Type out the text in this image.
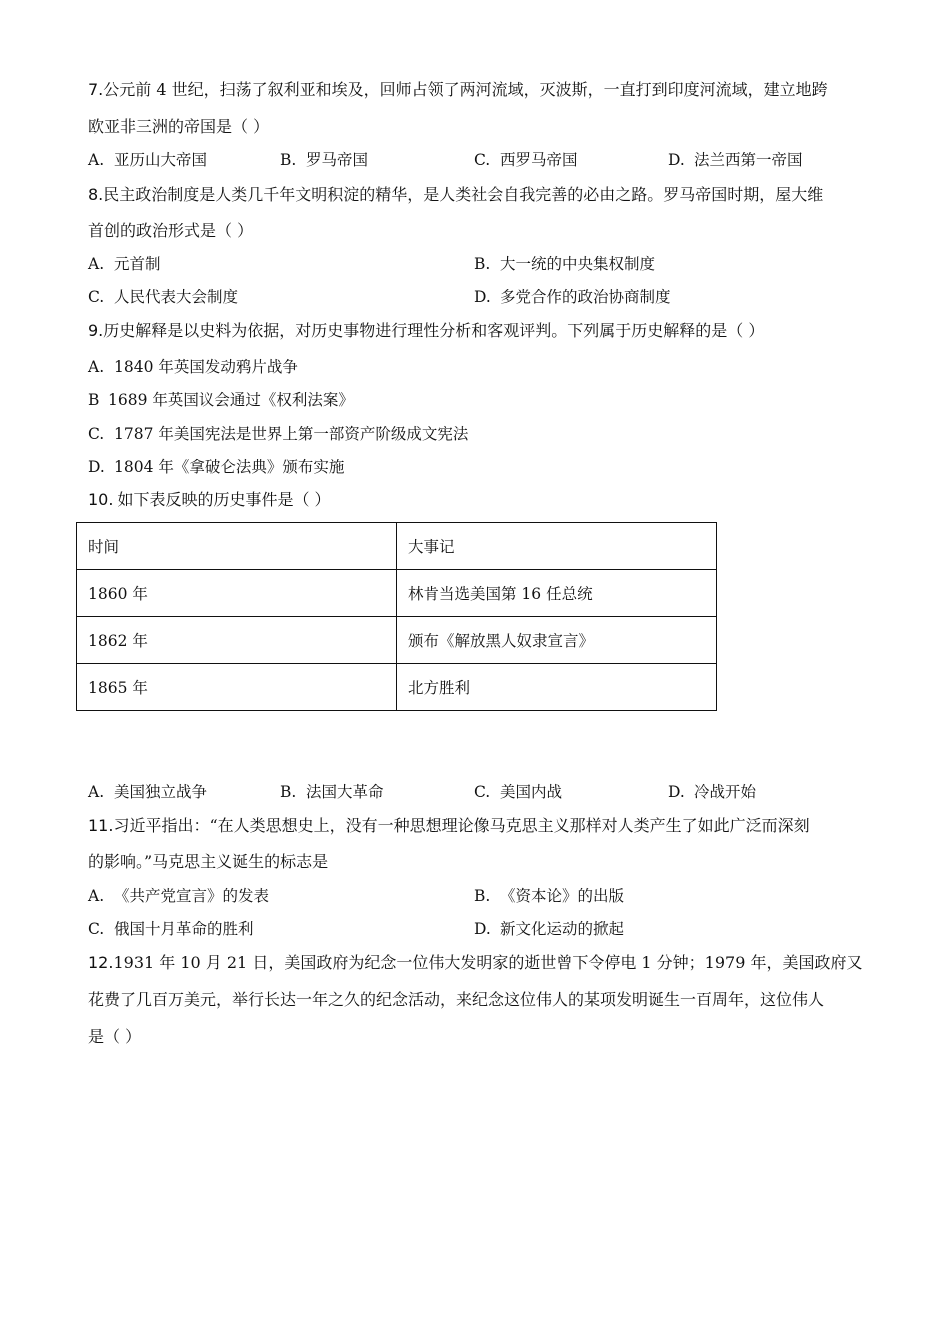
7.公元前 4 世纪，扫荡了叙利亚和埃及，回师占领了两河流域，灭波斯，一直打到印度河流域，建立地跨
欧亚非三洲的帝国是（ ）
A. 亚历山大帝国	B. 罗马帝国	C. 西罗马帝国	D. 法兰西第一帝国
8.民主政治制度是人类几千年文明积淀的精华，是人类社会自我完善的必由之路。罗马帝国时期，屋大维
首创的政治形式是（ ）
A. 元首制	B. 大一统的中央集权制度
C. 人民代表大会制度	D. 多党合作的政治协商制度
9.历史解释是以史料为依据，对历史事物进行理性分析和客观评判。下列属于历史解释的是（ ）
A. 1840 年英国发动鸦片战争
B 1689 年英国议会通过《权利法案》
C. 1787 年美国宪法是世界上第一部资产阶级成文宪法
D. 1804 年《拿破仑法典》颁布实施
10. 如下表反映的历史事件是（ ）
时间	大事记
1860 年	林肯当选美国第 16 任总统
1862 年	颁布《解放黑人奴隶宣言》
1865 年	北方胜利
A. 美国独立战争	B. 法国大革命	C. 美国内战	D. 冷战开始
11.习近平指出：“在人类思想史上，没有一种思想理论像马克思主义那样对人类产生了如此广泛而深刻
的影响。”马克思主义诞生的标志是
A. 《共产党宣言》的发表	B. 《资本论》的出版
C. 俄国十月革命的胜利	D. 新文化运动的掀起
12.1931 年 10 月 21 日，美国政府为纪念一位伟大发明家的逝世曾下令停电 1 分钟；1979 年，美国政府又
花费了几百万美元，举行长达一年之久的纪念活动，来纪念这位伟人的某项发明诞生一百周年，这位伟人
是（ ）
